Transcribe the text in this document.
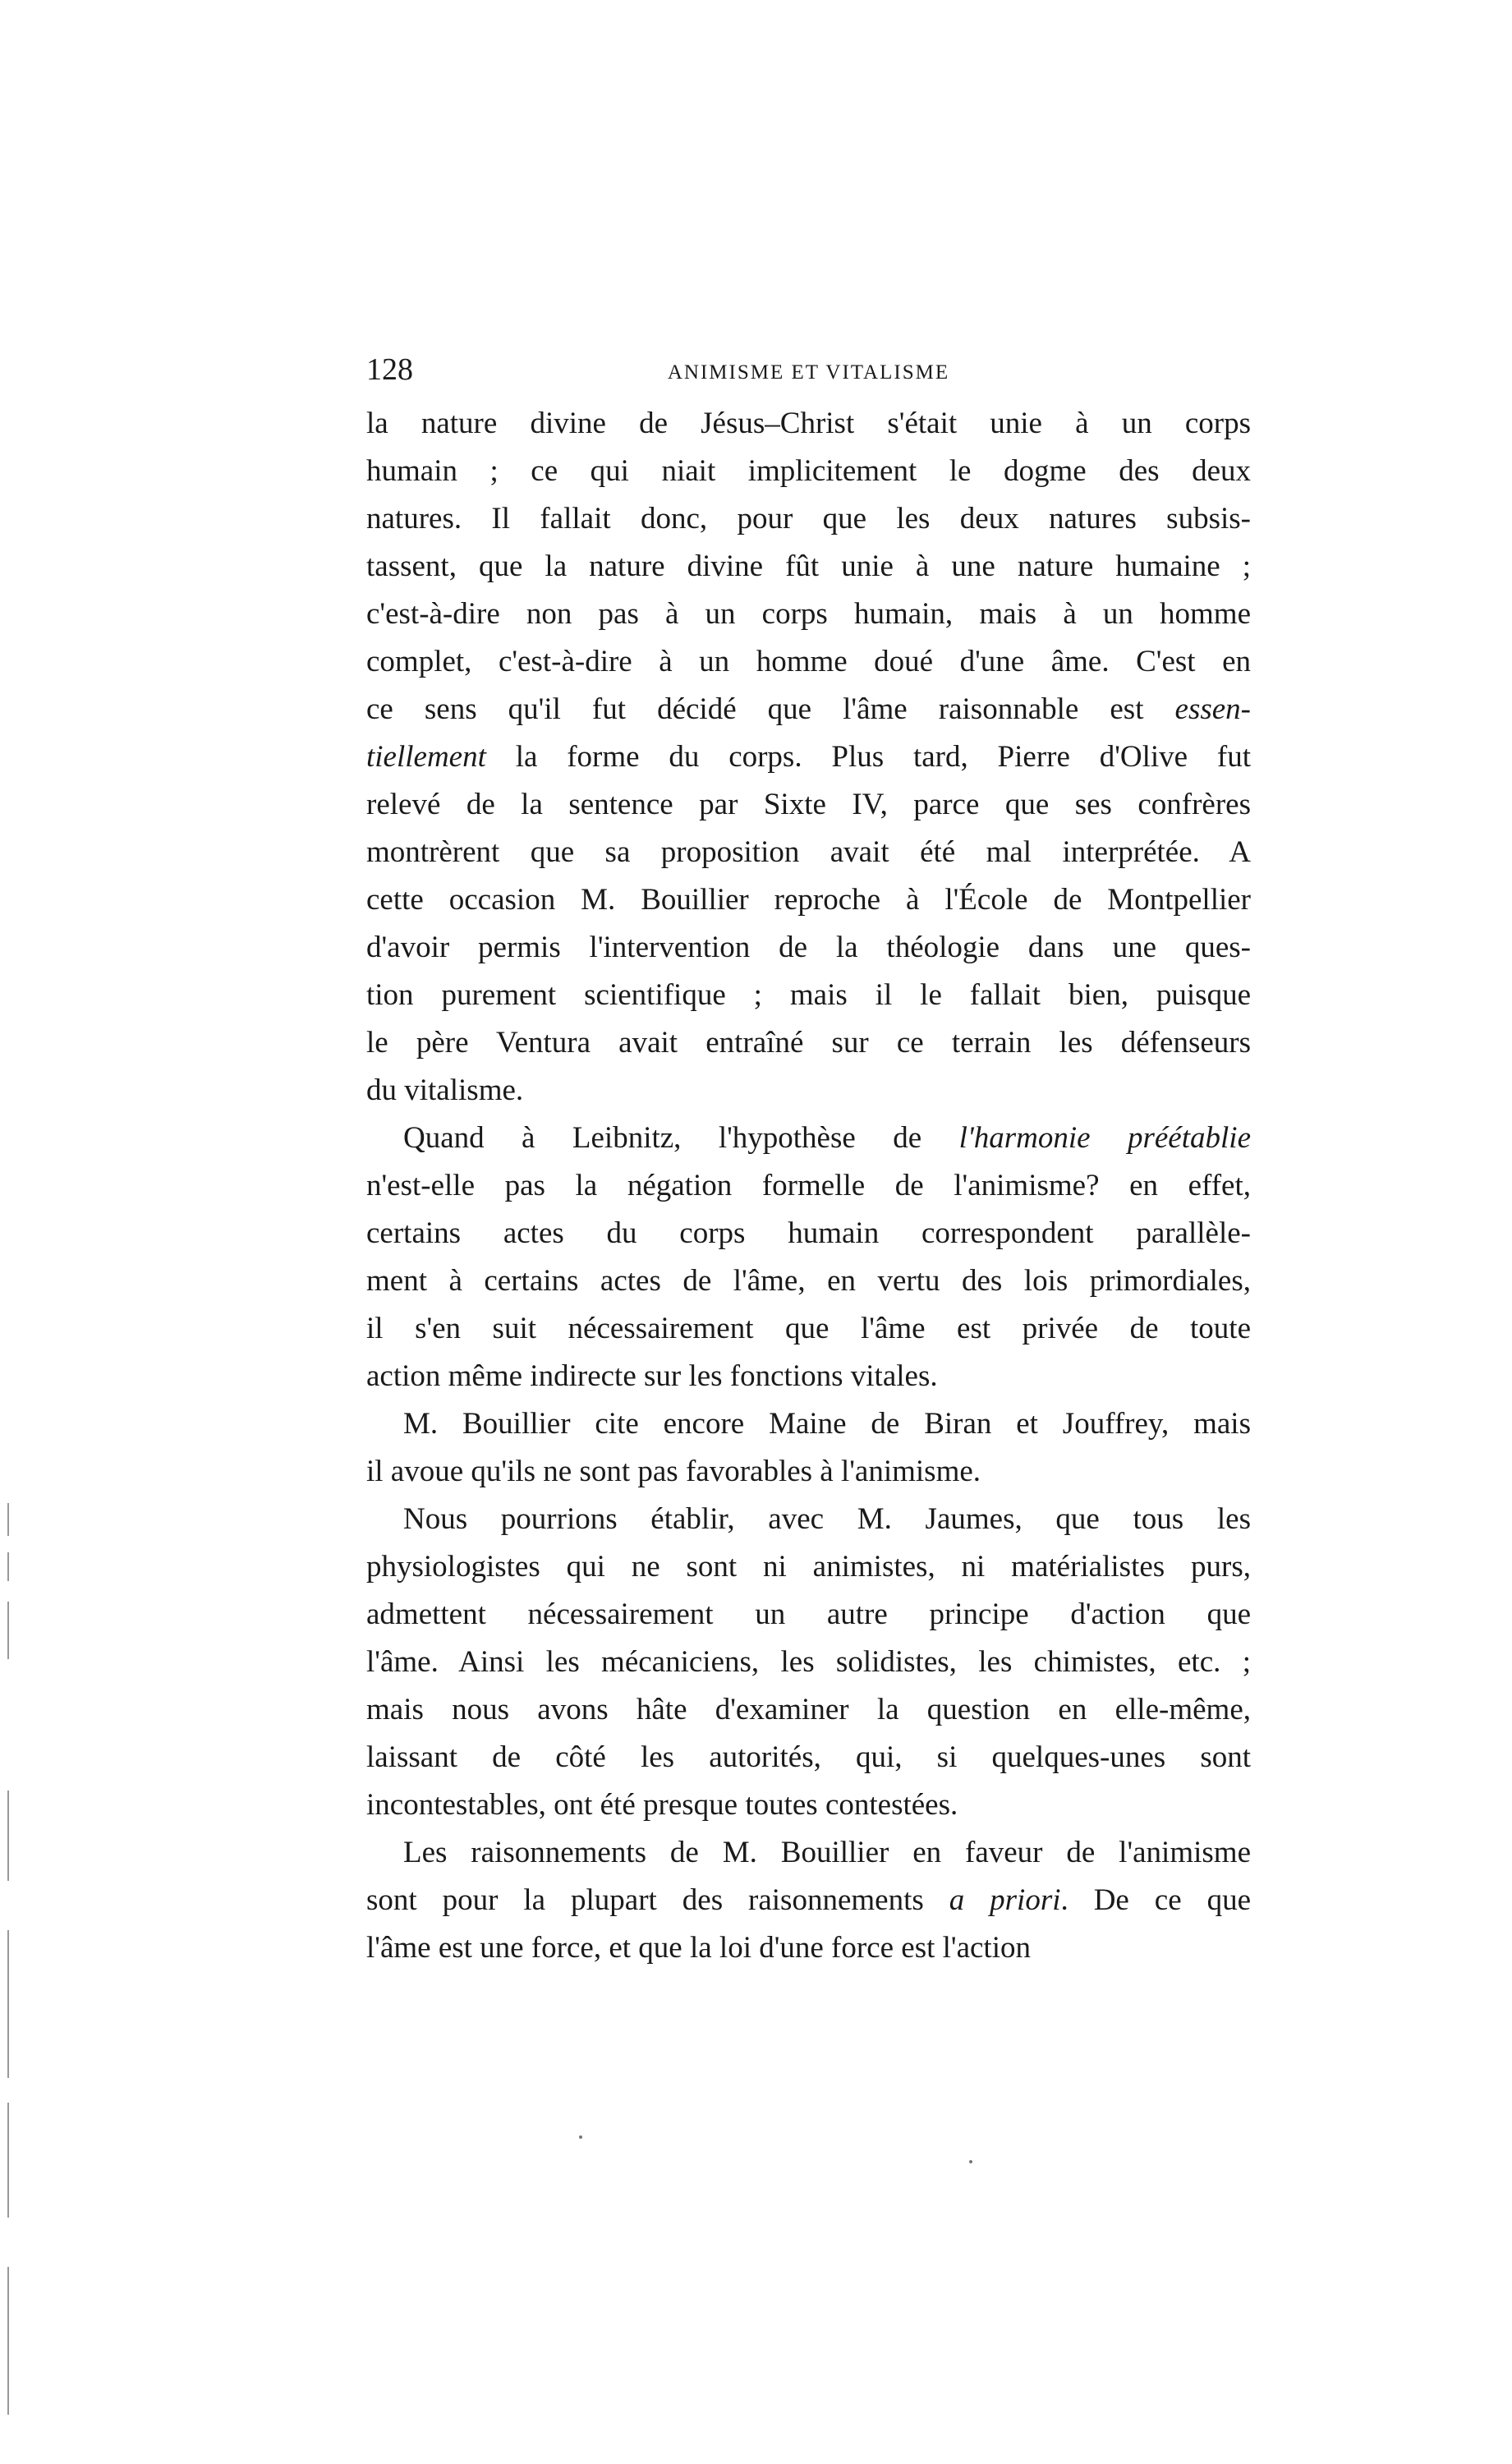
128	ANIMISME ET VITALISME
la nature divine de Jésus–Christ s'était unie à un corps
humain ; ce qui niait implicitement le dogme des deux
natures. Il fallait donc, pour que les deux natures subsis-
tassent, que la nature divine fût unie à une nature humaine ;
c'est-à-dire non pas à un corps humain, mais à un homme
complet, c'est-à-dire à un homme doué d'une âme. C'est en
ce sens qu'il fut décidé que l'âme raisonnable est essen-
tiellement la forme du corps. Plus tard, Pierre d'Olive fut
relevé de la sentence par Sixte IV, parce que ses confrères
montrèrent que sa proposition avait été mal interprétée. A
cette occasion M. Bouillier reproche à l'École de Montpellier
d'avoir permis l'intervention de la théologie dans une ques-
tion purement scientifique ; mais il le fallait bien, puisque
le père Ventura avait entraîné sur ce terrain les défenseurs
du vitalisme.
Quand à Leibnitz, l'hypothèse de l'harmonie préétablie
n'est-elle pas la négation formelle de l'animisme? en effet,
certains actes du corps humain correspondent parallèle-
ment à certains actes de l'âme, en vertu des lois primordiales,
il s'en suit nécessairement que l'âme est privée de toute
action même indirecte sur les fonctions vitales.
M. Bouillier cite encore Maine de Biran et Jouffrey, mais
il avoue qu'ils ne sont pas favorables à l'animisme.
Nous pourrions établir, avec M. Jaumes, que tous les
physiologistes qui ne sont ni animistes, ni matérialistes purs,
admettent nécessairement un autre principe d'action que
l'âme. Ainsi les mécaniciens, les solidistes, les chimistes, etc. ;
mais nous avons hâte d'examiner la question en elle-même,
laissant de côté les autorités, qui, si quelques-unes sont
incontestables, ont été presque toutes contestées.
Les raisonnements de M. Bouillier en faveur de l'animisme
sont pour la plupart des raisonnements a priori. De ce que
l'âme est une force, et que la loi d'une force est l'action
